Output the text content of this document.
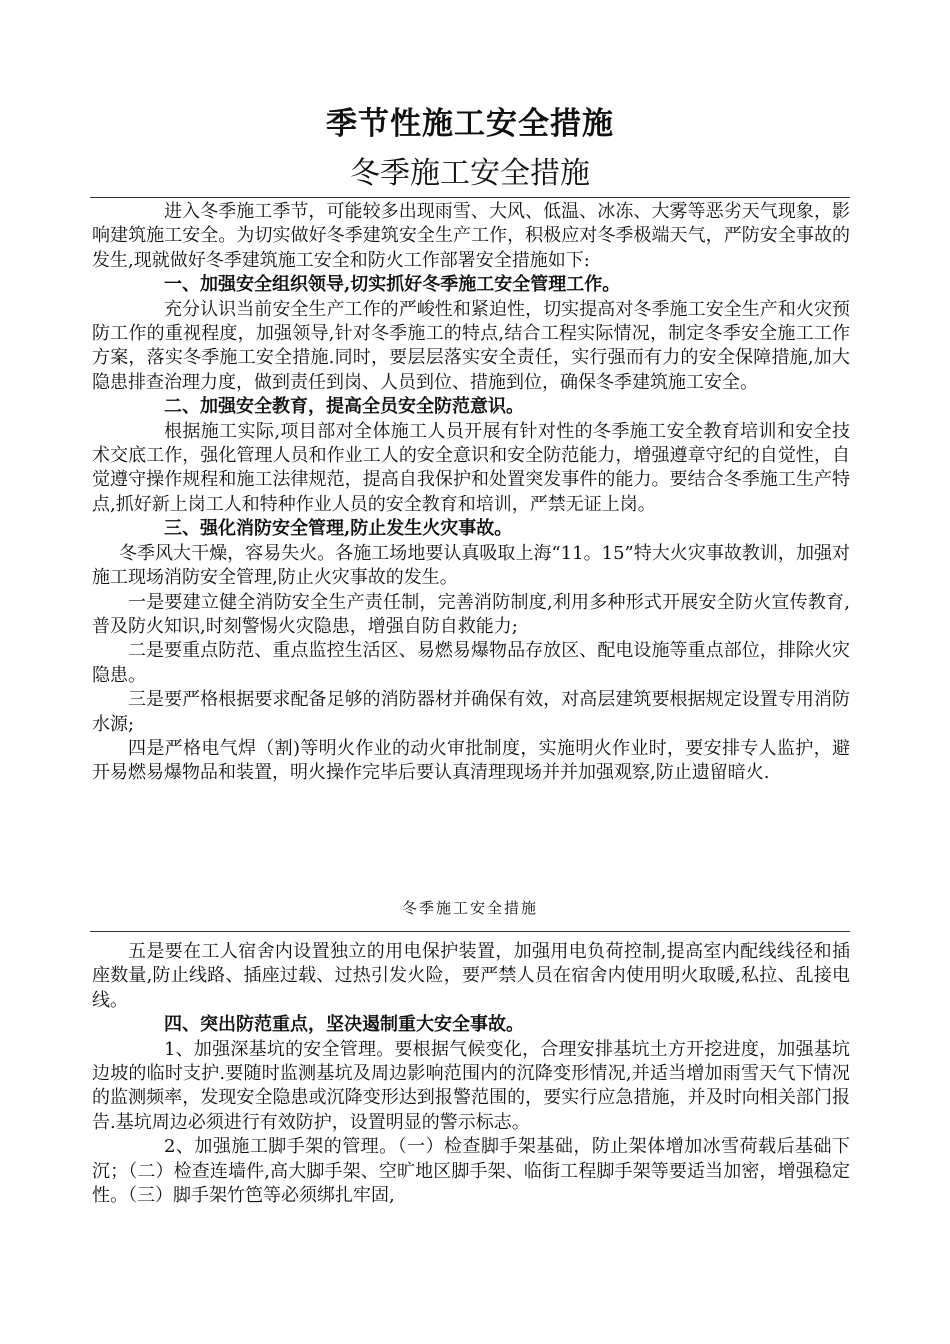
季节性施工安全措施
冬季施工安全措施

进入冬季施工季节，可能较多出现雨雪、大风、低温、冰冻、大雾等恶劣天气现象，影响建筑施工安全。为切实做好冬季建筑安全生产工作，积极应对冬季极端天气，严防安全事故的发生,现就做好冬季建筑施工安全和防火工作部署安全措施如下:

一、加强安全组织领导,切实抓好冬季施工安全管理工作。

充分认识当前安全生产工作的严峻性和紧迫性，切实提高对冬季施工安全生产和火灾预防工作的重视程度，加强领导,针对冬季施工的特点,结合工程实际情况，制定冬季安全施工工作方案，落实冬季施工安全措施.同时，要层层落实安全责任，实行强而有力的安全保障措施,加大隐患排查治理力度，做到责任到岗、人员到位、措施到位，确保冬季建筑施工安全。

二、加强安全教育，提高全员安全防范意识。

根据施工实际,项目部对全体施工人员开展有针对性的冬季施工安全教育培训和安全技术交底工作，强化管理人员和作业工人的安全意识和安全防范能力，增强遵章守纪的自觉性，自觉遵守操作规程和施工法律规范，提高自我保护和处置突发事件的能力。要结合冬季施工生产特点,抓好新上岗工人和特种作业人员的安全教育和培训，严禁无证上岗。

三、强化消防安全管理,防止发生火灾事故。

冬季风大干燥，容易失火。各施工场地要认真吸取上海“11。15”特大火灾事故教训，加强对施工现场消防安全管理,防止火灾事故的发生。

一是要建立健全消防安全生产责任制，完善消防制度,利用多种形式开展安全防火宣传教育,普及防火知识,时刻警惕火灾隐患，增强自防自救能力;

二是要重点防范、重点监控生活区、易燃易爆物品存放区、配电设施等重点部位，排除火灾隐患。

三是要严格根据要求配备足够的消防器材并确保有效，对高层建筑要根据规定设置专用消防水源;

四是严格电气焊（割)等明火作业的动火审批制度，实施明火作业时，要安排专人监护，避开易燃易爆物品和装置，明火操作完毕后要认真清理现场并并加强观察,防止遗留暗火.

冬季施工安全措施

五是要在工人宿舍内设置独立的用电保护装置，加强用电负荷控制,提高室内配线线径和插座数量,防止线路、插座过载、过热引发火险，要严禁人员在宿舍内使用明火取暖,私拉、乱接电线。

四、突出防范重点，坚决遏制重大安全事故。

1、加强深基坑的安全管理。要根据气候变化，合理安排基坑土方开挖进度，加强基坑边坡的临时支护.要随时监测基坑及周边影响范围内的沉降变形情况,并适当增加雨雪天气下情况的监测频率，发现安全隐患或沉降变形达到报警范围的，要实行应急措施，并及时向相关部门报告.基坑周边必须进行有效防护，设置明显的警示标志。

2、加强施工脚手架的管理。（一）检查脚手架基础，防止架体增加冰雪荷载后基础下沉；（二）检查连墙件,高大脚手架、空旷地区脚手架、临街工程脚手架等要适当加密，增强稳定性。（三）脚手架竹笆等必须绑扎牢固,
